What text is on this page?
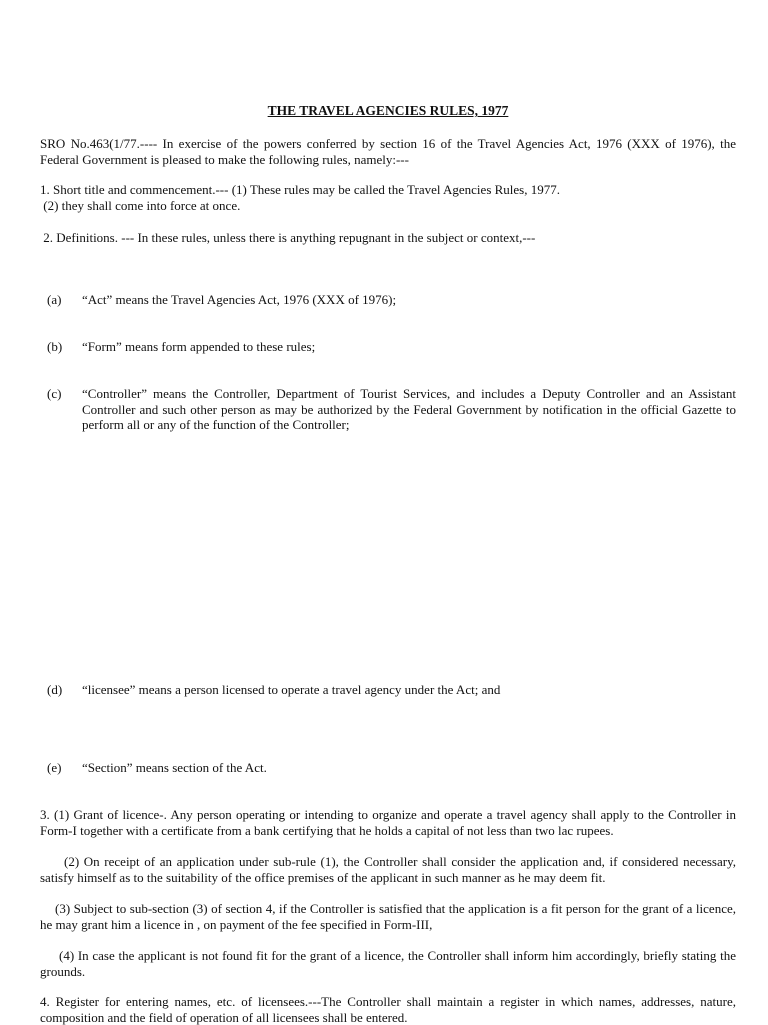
THE TRAVEL AGENCIES RULES, 1977
SRO No.463(1/77.---- In exercise of the powers conferred by section 16 of the Travel Agencies Act, 1976 (XXX of 1976), the Federal Government is pleased to make the following rules, namely:---
1. Short title and commencement.--- (1) These rules may be called the Travel Agencies Rules, 1977.
(2) they shall come into force at once.
2. Definitions. --- In these rules, unless there is anything repugnant in the subject or context,---
(a)	“Act” means the Travel Agencies Act, 1976 (XXX of 1976);
(b)	“Form” means form appended to these rules;
(c)	“Controller” means the Controller, Department of Tourist Services, and includes a Deputy Controller and an Assistant Controller and such other person as may be authorized by the Federal Government by notification in the official Gazette to perform all or any of the function of the Controller;
(d)	“licensee” means a person licensed to operate a travel agency under the Act; and
(e)	“Section” means section of the Act.
3. (1) Grant of licence-. Any person operating or intending to organize and operate a travel agency shall apply to the Controller in Form-I together with a certificate from a bank certifying that he holds a capital of not less than two lac rupees.
(2) On receipt of an application under sub-rule (1), the Controller shall consider the application and, if considered necessary, satisfy himself as to the suitability of the office premises of the applicant in such manner as he may deem fit.
(3) Subject to sub-section (3) of section 4, if the Controller is satisfied that the application is a fit person for the grant of a licence, he may grant him a licence in , on payment of the fee specified in Form-III,
(4) In case the applicant is not found fit for the grant of a licence, the Controller shall inform him accordingly, briefly stating the grounds.
4. Register for entering names, etc. of licensees.---The Controller shall maintain a register in which names, addresses, nature, composition and the field of operation of all licensees shall be entered.
